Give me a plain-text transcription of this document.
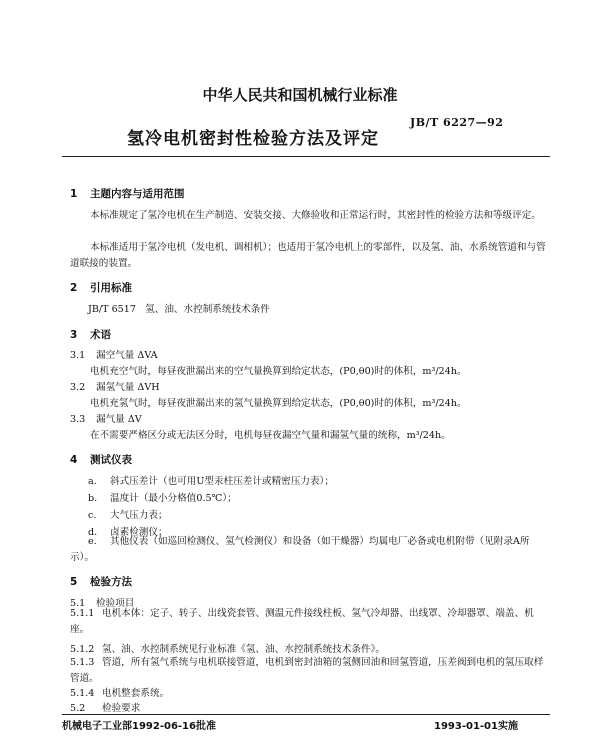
中华人民共和国机械行业标准
JB/T 6227—92
氢冷电机密封性检验方法及评定
1 主题内容与适用范围
本标准规定了氢冷电机在生产制造、安装交接、大修验收和正常运行时，其密封性的检验方法和等级评定。
本标准适用于氢冷电机（发电机、调相机）；也适用于氢冷电机上的零部件，以及氢、油、水系统管道和与管道联接的装置。
2 引用标准
JB/T 6517 氢、油、水控制系统技术条件
3 术语
3.1 漏空气量 ΔVA
电机充空气时，每昼夜泄漏出来的空气量换算到给定状态，(P0,θ0)时的体积，m³/24h。
3.2 漏氢气量 ΔVH
电机充氢气时，每昼夜泄漏出来的氢气量换算到给定状态，(P0,θ0)时的体积，m³/24h。
3.3 漏气量 ΔV
在不需要严格区分或无法区分时，电机每昼夜漏空气量和漏氢气量的统称，m³/24h。
4 测试仪表
a. 斜式压差计（也可用U型汞柱压差计或精密压力表）；
b. 温度计（最小分格值0.5℃）；
c. 大气压力表；
d. 卤素检测仪；
e. 其他仪表（如巡回检测仪、氢气检测仪）和设备（如干燥器）均属电厂必备或电机附带（见附录A所示）。
5 检验方法
5.1 检验项目
5.1.1 电机本体：定子、转子、出线瓷套管、测温元件接线柱板、氢气冷却器、出线罩、冷却器罩、端盖、机座。
5.1.2 氢、油、水控制系统见行业标准《氢、油、水控制系统技术条件》。
5.1.3 管道，所有氢气系统与电机联接管道，电机到密封油箱的氢侧回油和回氢管道，压差阀到电机的氢压取样管道。
5.1.4 电机整套系统。
5.2 检验要求
机械电子工业部1992-06-16批准	1993-01-01实施
